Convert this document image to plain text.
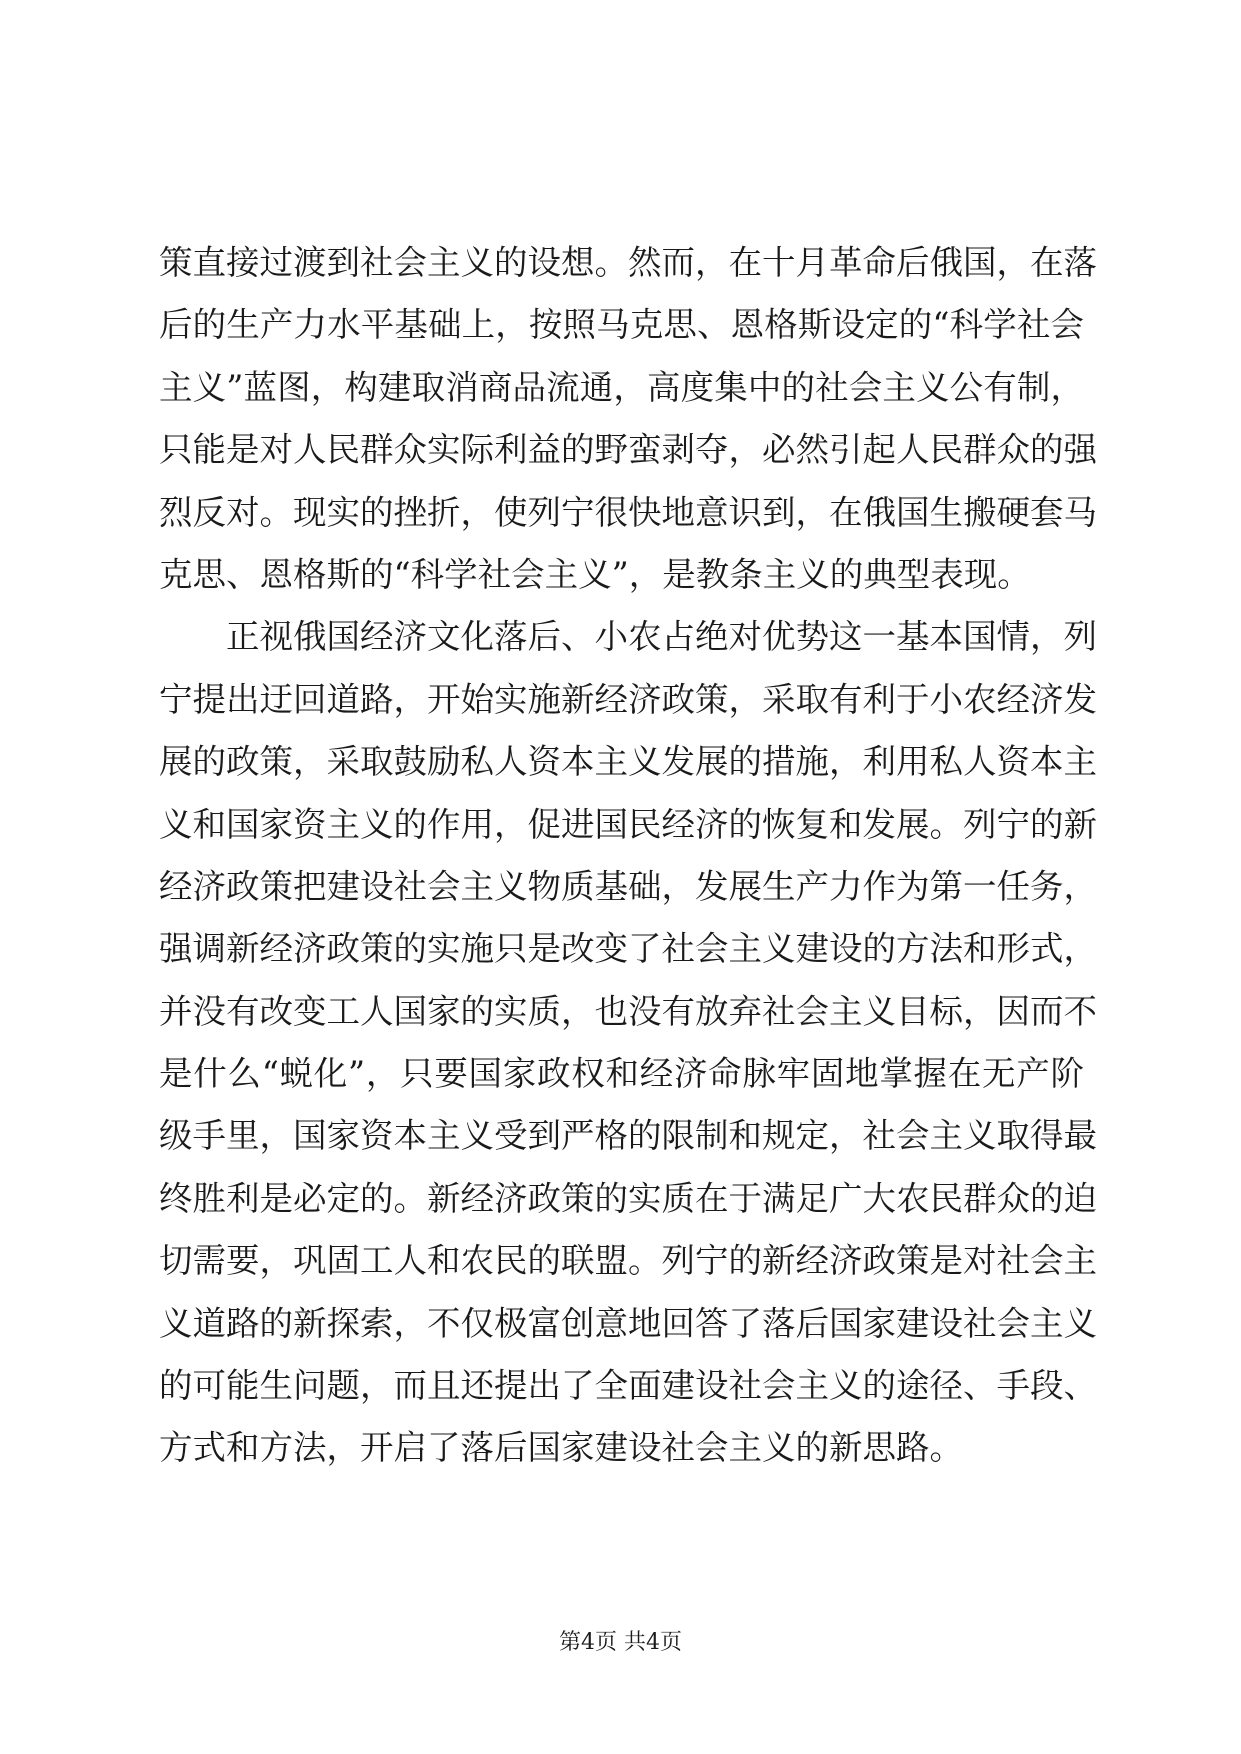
策直接过渡到社会主义的设想。然而，在十月革命后俄国，在落
后的生产力水平基础上，按照马克思、恩格斯设定的“科学社会
主义”蓝图，构建取消商品流通，高度集中的社会主义公有制，
只能是对人民群众实际利益的野蛮剥夺，必然引起人民群众的强
烈反对。现实的挫折，使列宁很快地意识到，在俄国生搬硬套马
克思、恩格斯的“科学社会主义”，是教条主义的典型表现。
正视俄国经济文化落后、小农占绝对优势这一基本国情，列
宁提出迂回道路，开始实施新经济政策，采取有利于小农经济发
展的政策，采取鼓励私人资本主义发展的措施，利用私人资本主
义和国家资主义的作用，促进国民经济的恢复和发展。列宁的新
经济政策把建设社会主义物质基础，发展生产力作为第一任务，
强调新经济政策的实施只是改变了社会主义建设的方法和形式，
并没有改变工人国家的实质，也没有放弃社会主义目标，因而不
是什么“蜕化”，只要国家政权和经济命脉牢固地掌握在无产阶
级手里，国家资本主义受到严格的限制和规定，社会主义取得最
终胜利是必定的。新经济政策的实质在于满足广大农民群众的迫
切需要，巩固工人和农民的联盟。列宁的新经济政策是对社会主
义道路的新探索，不仅极富创意地回答了落后国家建设社会主义
的可能生问题，而且还提出了全面建设社会主义的途径、手段、
方式和方法，开启了落后国家建设社会主义的新思路。
第4页 共4页
